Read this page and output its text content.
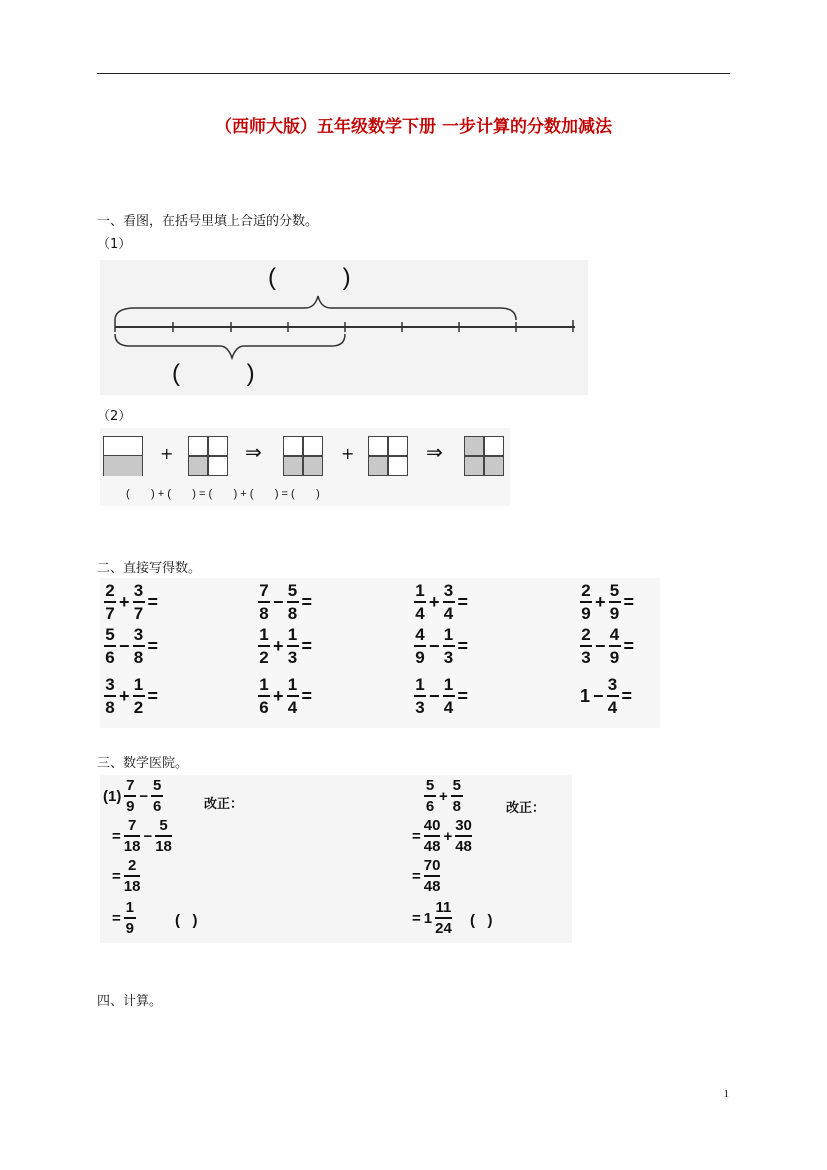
（西师大版）五年级数学下册 一步计算的分数加减法
一、看图，在括号里填上合适的分数。
（1）
(          )
(          )
（2）
+	⇒	+	⇒
(       ) + (       ) = (       ) + (       ) = (       )
二、直接写得数。
$\frac{2}{7} + \frac{3}{7}$ =	$\frac{7}{8} - \frac{5}{8}$ =	$\frac{1}{4} + \frac{3}{4}$ =	$\frac{2}{9} + \frac{5}{9}$ =
$\frac{5}{6} - \frac{3}{8}$ =	$\frac{1}{2} + \frac{1}{3}$ =	$\frac{4}{9} - \frac{1}{3}$ =	$\frac{2}{3} - \frac{4}{9}$ =
$\frac{3}{8} + \frac{1}{2}$ =	$\frac{1}{6} + \frac{1}{4}$ =	$\frac{1}{3} - \frac{1}{4}$ =	$1 - \frac{3}{4}$ =
三、数学医院。
$(1) \frac{7}{9} - \frac{5}{6}$	改正：
= $\frac{7}{18} - \frac{5}{18}$
= $\frac{2}{18}$
= $\frac{1}{9}$	(   )
$\frac{5}{6} + \frac{5}{8}$	改正：
= $\frac{40}{48} + \frac{30}{48}$
= $\frac{70}{48}$
= $1 \frac{11}{24}$ (   )
四、计算。
1
